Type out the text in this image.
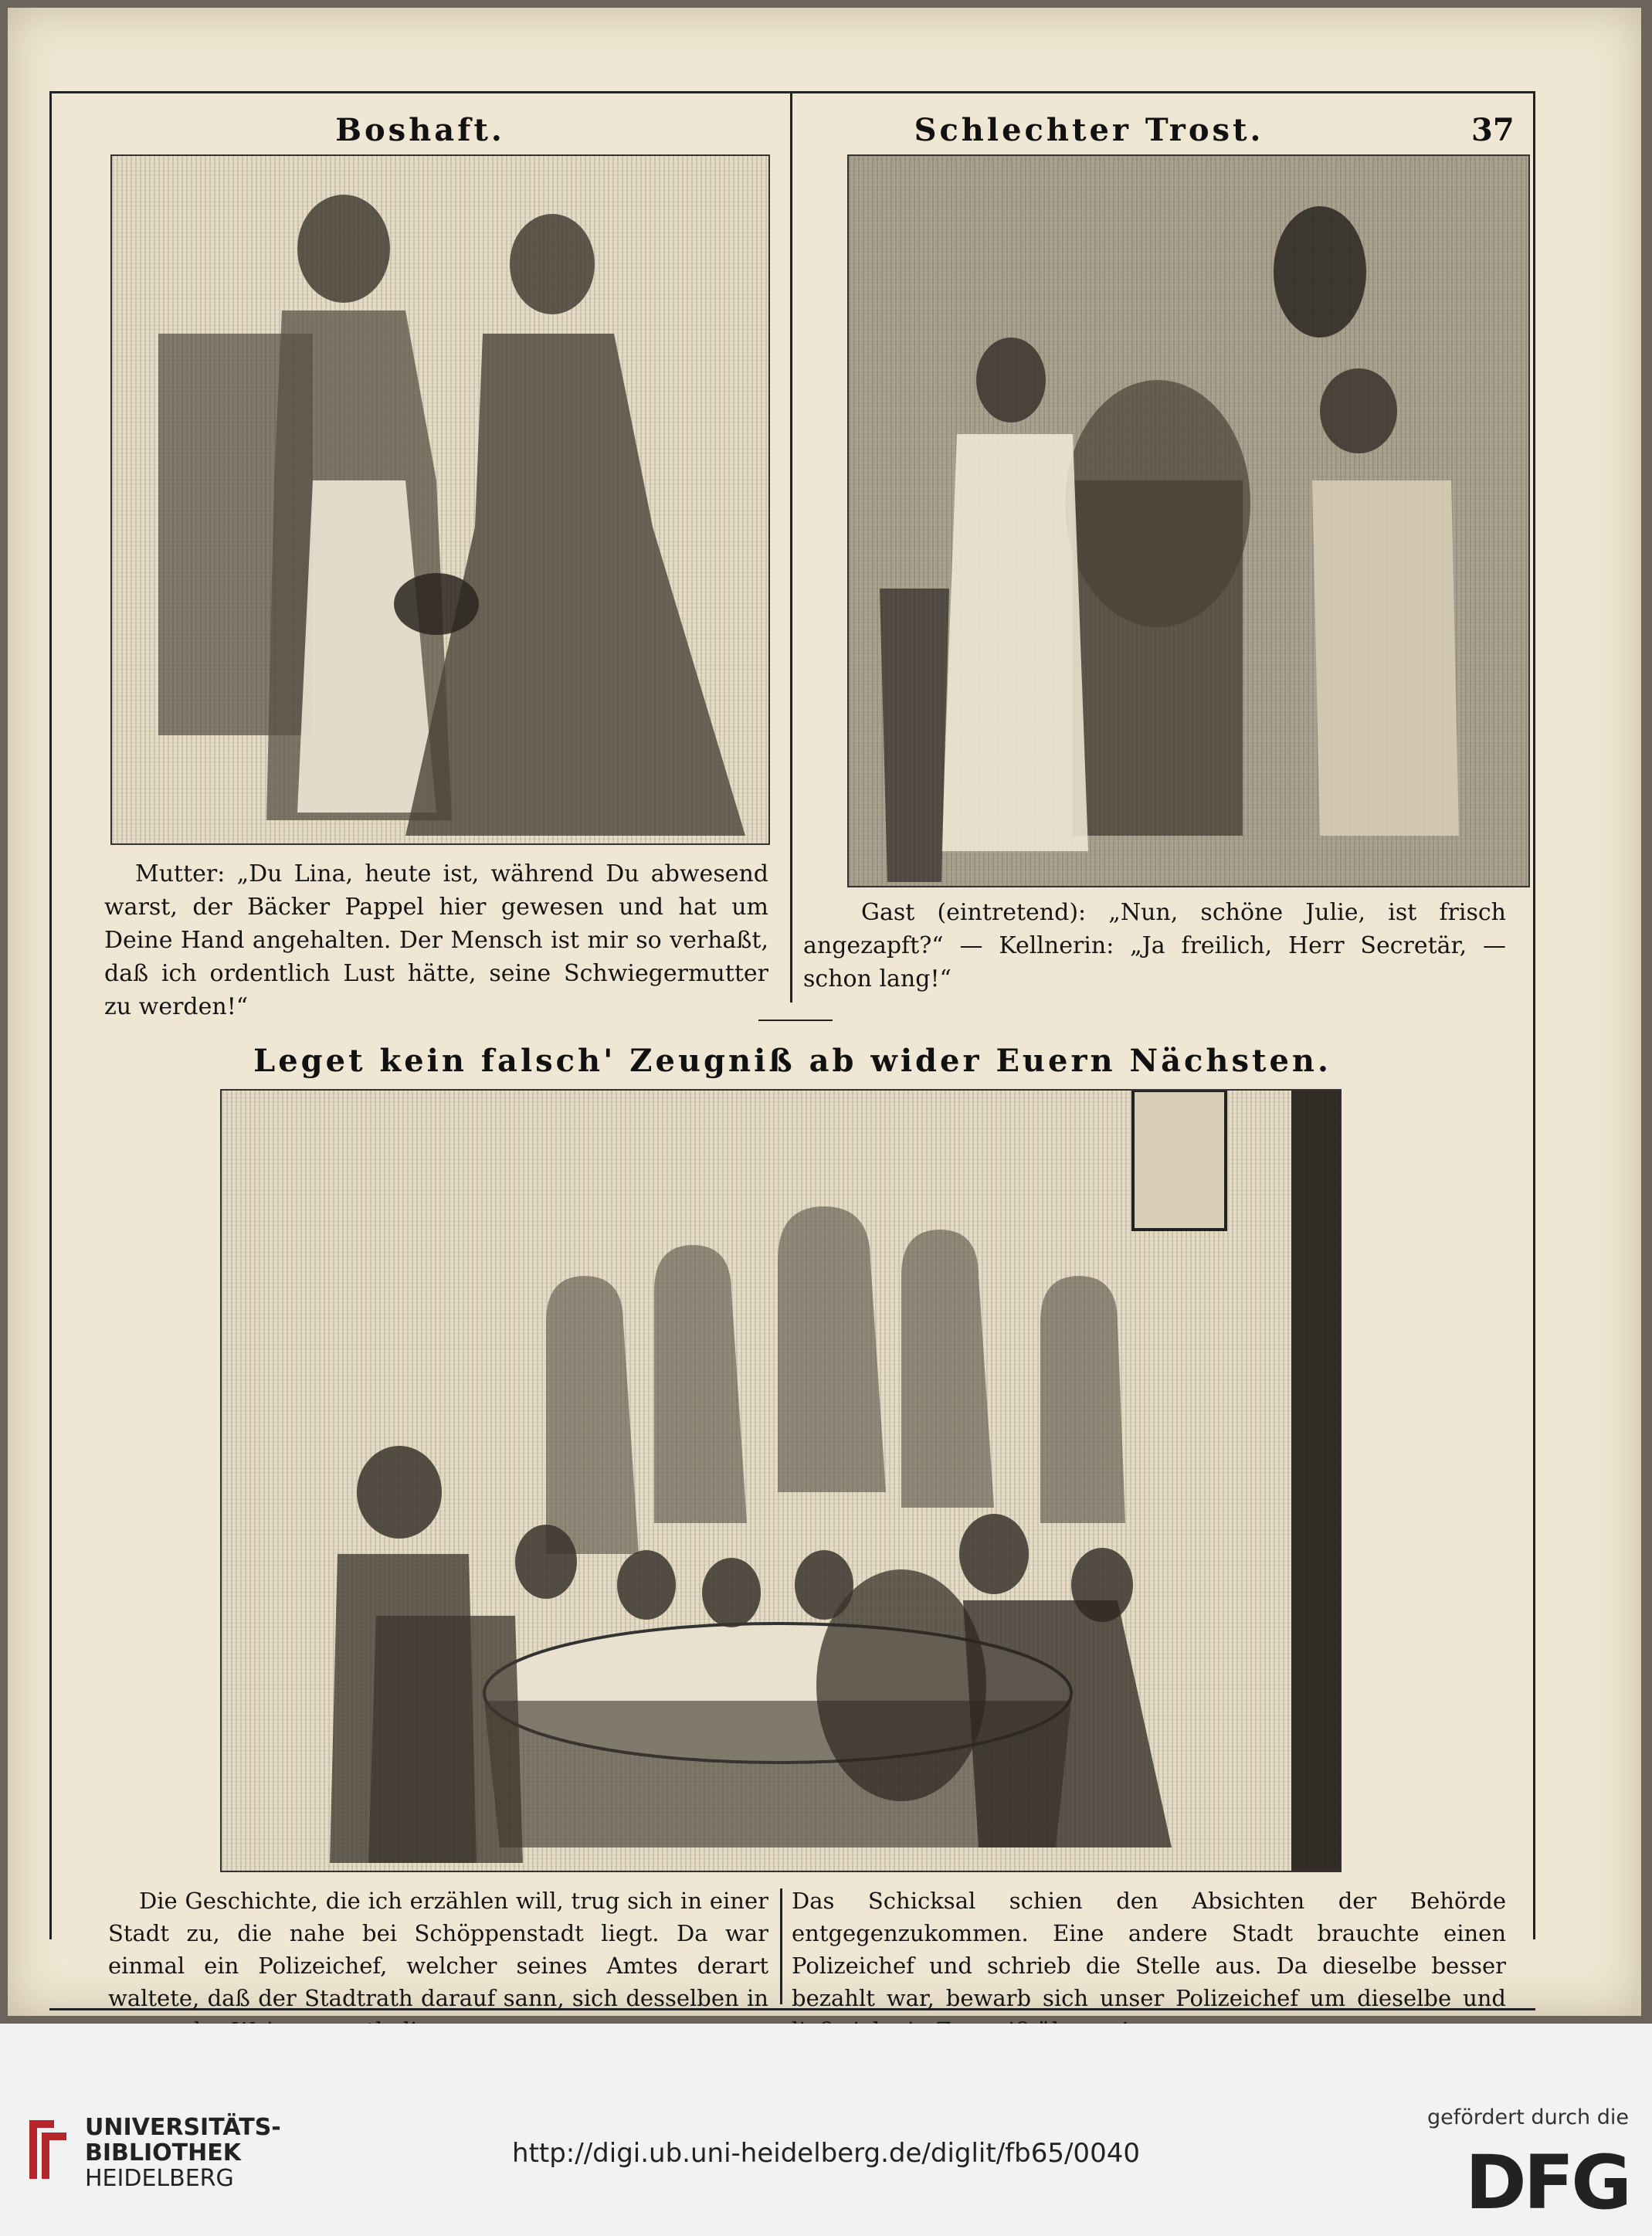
Boshaft.	Schlechter Trost.	37
Mutter: „Du Lina, heute ist, während Du abwesend warst, der Bäcker Pappel hier gewesen und hat um Deine Hand angehalten. Der Mensch ist mir so verhaßt, daß ich ordentlich Lust hätte, seine Schwiegermutter zu werden!“
Gast (eintretend): „Nun, schöne Julie, ist frisch angezapft?“ — Kellnerin: „Ja freilich, Herr Secretär, — schon lang!“
Leget kein falsch' Zeugniß ab wider Euern Nächsten.
Die Geschichte, die ich erzählen will, trug sich in einer Stadt zu, die nahe bei Schöppenstadt liegt. Da war einmal ein Polizeichef, welcher seines Amtes derart waltete, daß der Stadtrath darauf sann, sich desselben in
Das Schicksal schien den Absichten der Behörde entgegenzukommen. Eine andere Stadt brauchte einen Polizeichef und schrieb die Stelle aus. Da dieselbe besser bezahlt war, bewarb sich unser Polizeichef um dieselbe und
UNIVERSITÄTS-
BIBLIOTHEK
HEIDELBERG
http://digi.ub.uni-heidelberg.de/diglit/fb65/0040
gefördert durch die
DFG
